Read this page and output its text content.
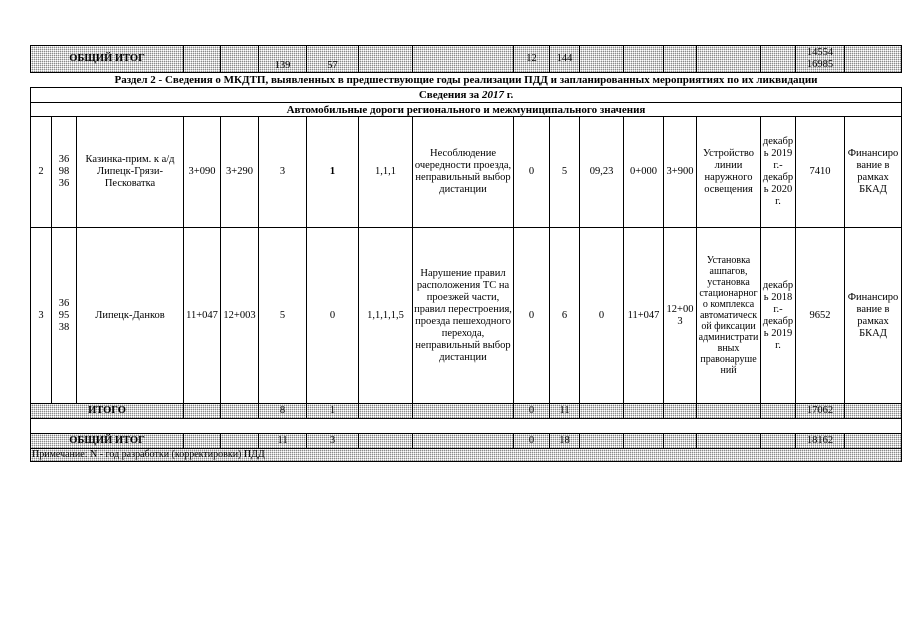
ОБЩИЙ ИТОГ					139	57			12	144						14554
16985	
Раздел 2 - Сведения о МКДТП, выявленных в предшествующие годы реализации ПДД и запланированных мероприятиях по их ликвидации																	
Сведения за 2017 г.																	
Автомобильные дороги регионального и межмуниципального значения																	
2	36 98 36	Казинка-прим. к а/д Липецк-Грязи-Песковатка	3+090	3+290	3	1	1,1,1	Несоблюдение очередности проезда, неправильный выбор дистанции	0	5	09,23	0+000	3+900	Устройство линии наружного освещения	декабрь 2019 г.-декабрь 2020 г.	7410	Финансирование в рамках БКАД
3	36 95 38	Липецк-Данков	11+047	12+003	5	0	1,1,1,1,5	Нарушение правил расположения ТС на проезжей части, правил перестроения, проезда пешеходного перехода, неправильный выбор дистанции	0	6	0	11+047	12+003	Установка ашпагов, установка стационарного комплекса автоматической фиксации административных правонарушений	декабрь 2018 г.-декабрь 2019 г.	9652	Финансирование в рамках БКАД
ИТОГО					8	1			0	11						17062	

ОБЩИЙ ИТОГ					11	3			0	18						18162	
Примечание: N - год разработки (корректировки) ПДД																	
